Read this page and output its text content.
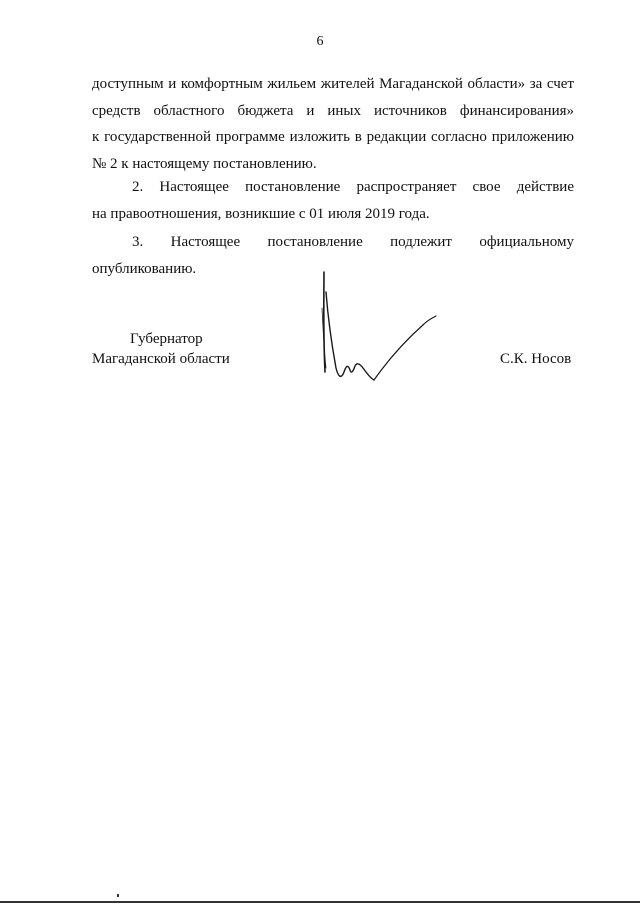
6

доступным и комфортным жильем жителей Магаданской области» за счет
средств областного бюджета и иных источников финансирования»
к государственной программе изложить в редакции согласно приложению
№ 2 к настоящему постановлению.

2. Настоящее постановление распространяет свое действие
на правоотношения, возникшие с 01 июля 2019 года.

3. Настоящее постановление подлежит официальному
опубликованию.

Губернатор
Магаданской области	С.К. Носов
